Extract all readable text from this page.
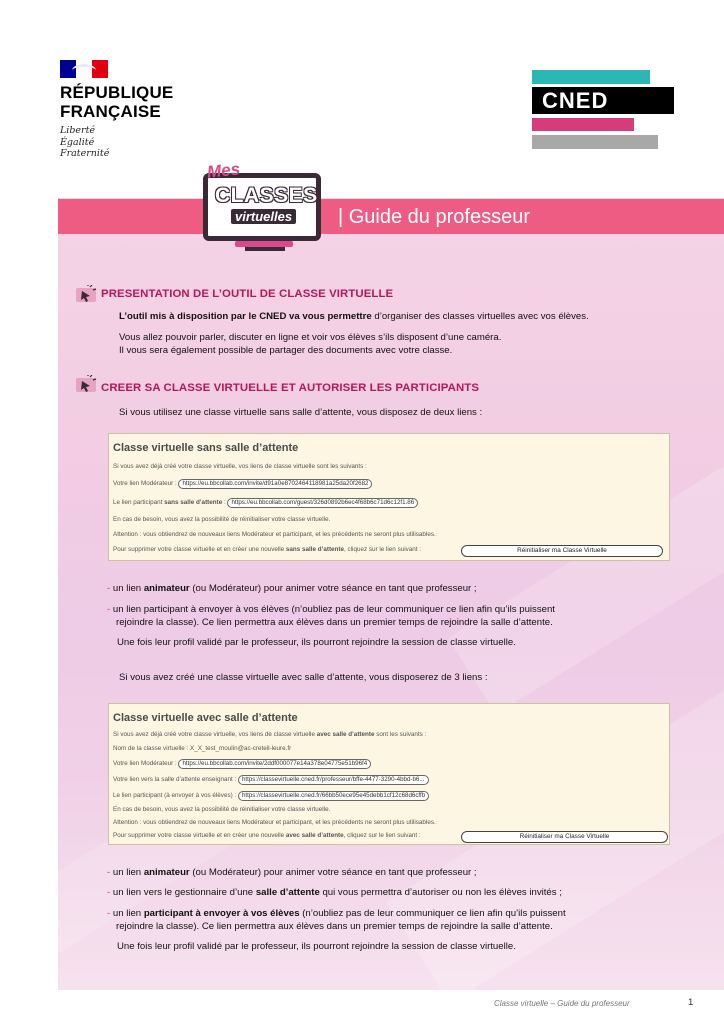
RÉPUBLIQUE
FRANÇAISE
Liberté
Égalité
Fraternité
CNED
| Guide du professeur
Mes
CLASSES
virtuelles
PRESENTATION DE L’OUTIL DE CLASSE VIRTUELLE
L’outil mis à disposition par le CNED va vous permettre d’organiser des classes virtuelles avec vos élèves.
Vous allez pouvoir parler, discuter en ligne et voir vos élèves s’ils disposent d’une caméra.
Il vous sera également possible de partager des documents avec votre classe.
CREER SA CLASSE VIRTUELLE ET AUTORISER LES PARTICIPANTS
Si vous utilisez une classe virtuelle sans salle d’attente, vous disposez de deux liens :
Classe virtuelle sans salle d’attente
Si vous avez déjà créé votre classe virtuelle, vos liens de classe virtuelle sont les suivants :
Votre lien Modérateur : https://eu.bbcollab.com/invite/d91a0e8702464118981a25da20f2682
Le lien participant sans salle d’attente : https://eu.bbcollab.com/guest/326d0892b6ec4f68b6c71d6c12f1.86
En cas de besoin, vous avez la possibilité de réinitialiser votre classe virtuelle.
Attention : vous obtiendrez de nouveaux liens Modérateur et participant, et les précédents ne seront plus utilisables.
Pour supprimer votre classe virtuelle et en créer une nouvelle sans salle d’attente, cliquez sur le lien suivant :	Réinitialiser ma Classe Virtuelle
- un lien animateur (ou Modérateur) pour animer votre séance en tant que professeur ;
- un lien participant à envoyer à vos élèves (n’oubliez pas de leur communiquer ce lien afin qu’ils puissent
rejoindre la classe). Ce lien permettra aux élèves dans un premier temps de rejoindre la salle d’attente.
Une fois leur profil validé par le professeur, ils pourront rejoindre la session de classe virtuelle.
Si vous avez créé une classe virtuelle avec salle d’attente, vous disposerez de 3 liens :
Classe virtuelle avec salle d’attente
Si vous avez déjà créé votre classe virtuelle, vos liens de classe virtuelle avec salle d’attente sont les suivants :
Nom de la classe virtuelle : X_X_test_moulin@ac-creteil-leure.fr
Votre lien Modérateur : https://eu.bbcollab.com/invite/2ddf000077e14a378e04775e51b96f4
Votre lien vers la salle d’attente enseignant : https://classevirtuelle.cned.fr/professeur/bffe-4477-3290-4bbd-b6...
Le lien participant (à envoyer à vos élèves) : https://classevirtuelle.cned.fr/66bb50ece95e45debb1cf12c68d6cffb
En cas de besoin, vous avez la possibilité de réinitialiser votre classe virtuelle.
Attention : vous obtiendrez de nouveaux liens Modérateur et participant, et les précédents ne seront plus utilisables.
Pour supprimer votre classe virtuelle et en créer une nouvelle avec salle d’attente, cliquez sur le lien suivant :	Réinitialiser ma Classe Virtuelle
- un lien animateur (ou Modérateur) pour animer votre séance en tant que professeur ;
- un lien vers le gestionnaire d’une salle d’attente qui vous permettra d’autoriser ou non les élèves invités ;
- un lien participant à envoyer à vos élèves (n’oubliez pas de leur communiquer ce lien afin qu’ils puissent
rejoindre la classe). Ce lien permettra aux élèves dans un premier temps de rejoindre la salle d’attente.
Une fois leur profil validé par le professeur, ils pourront rejoindre la session de classe virtuelle.
Classe virtuelle – Guide du professeur	1
